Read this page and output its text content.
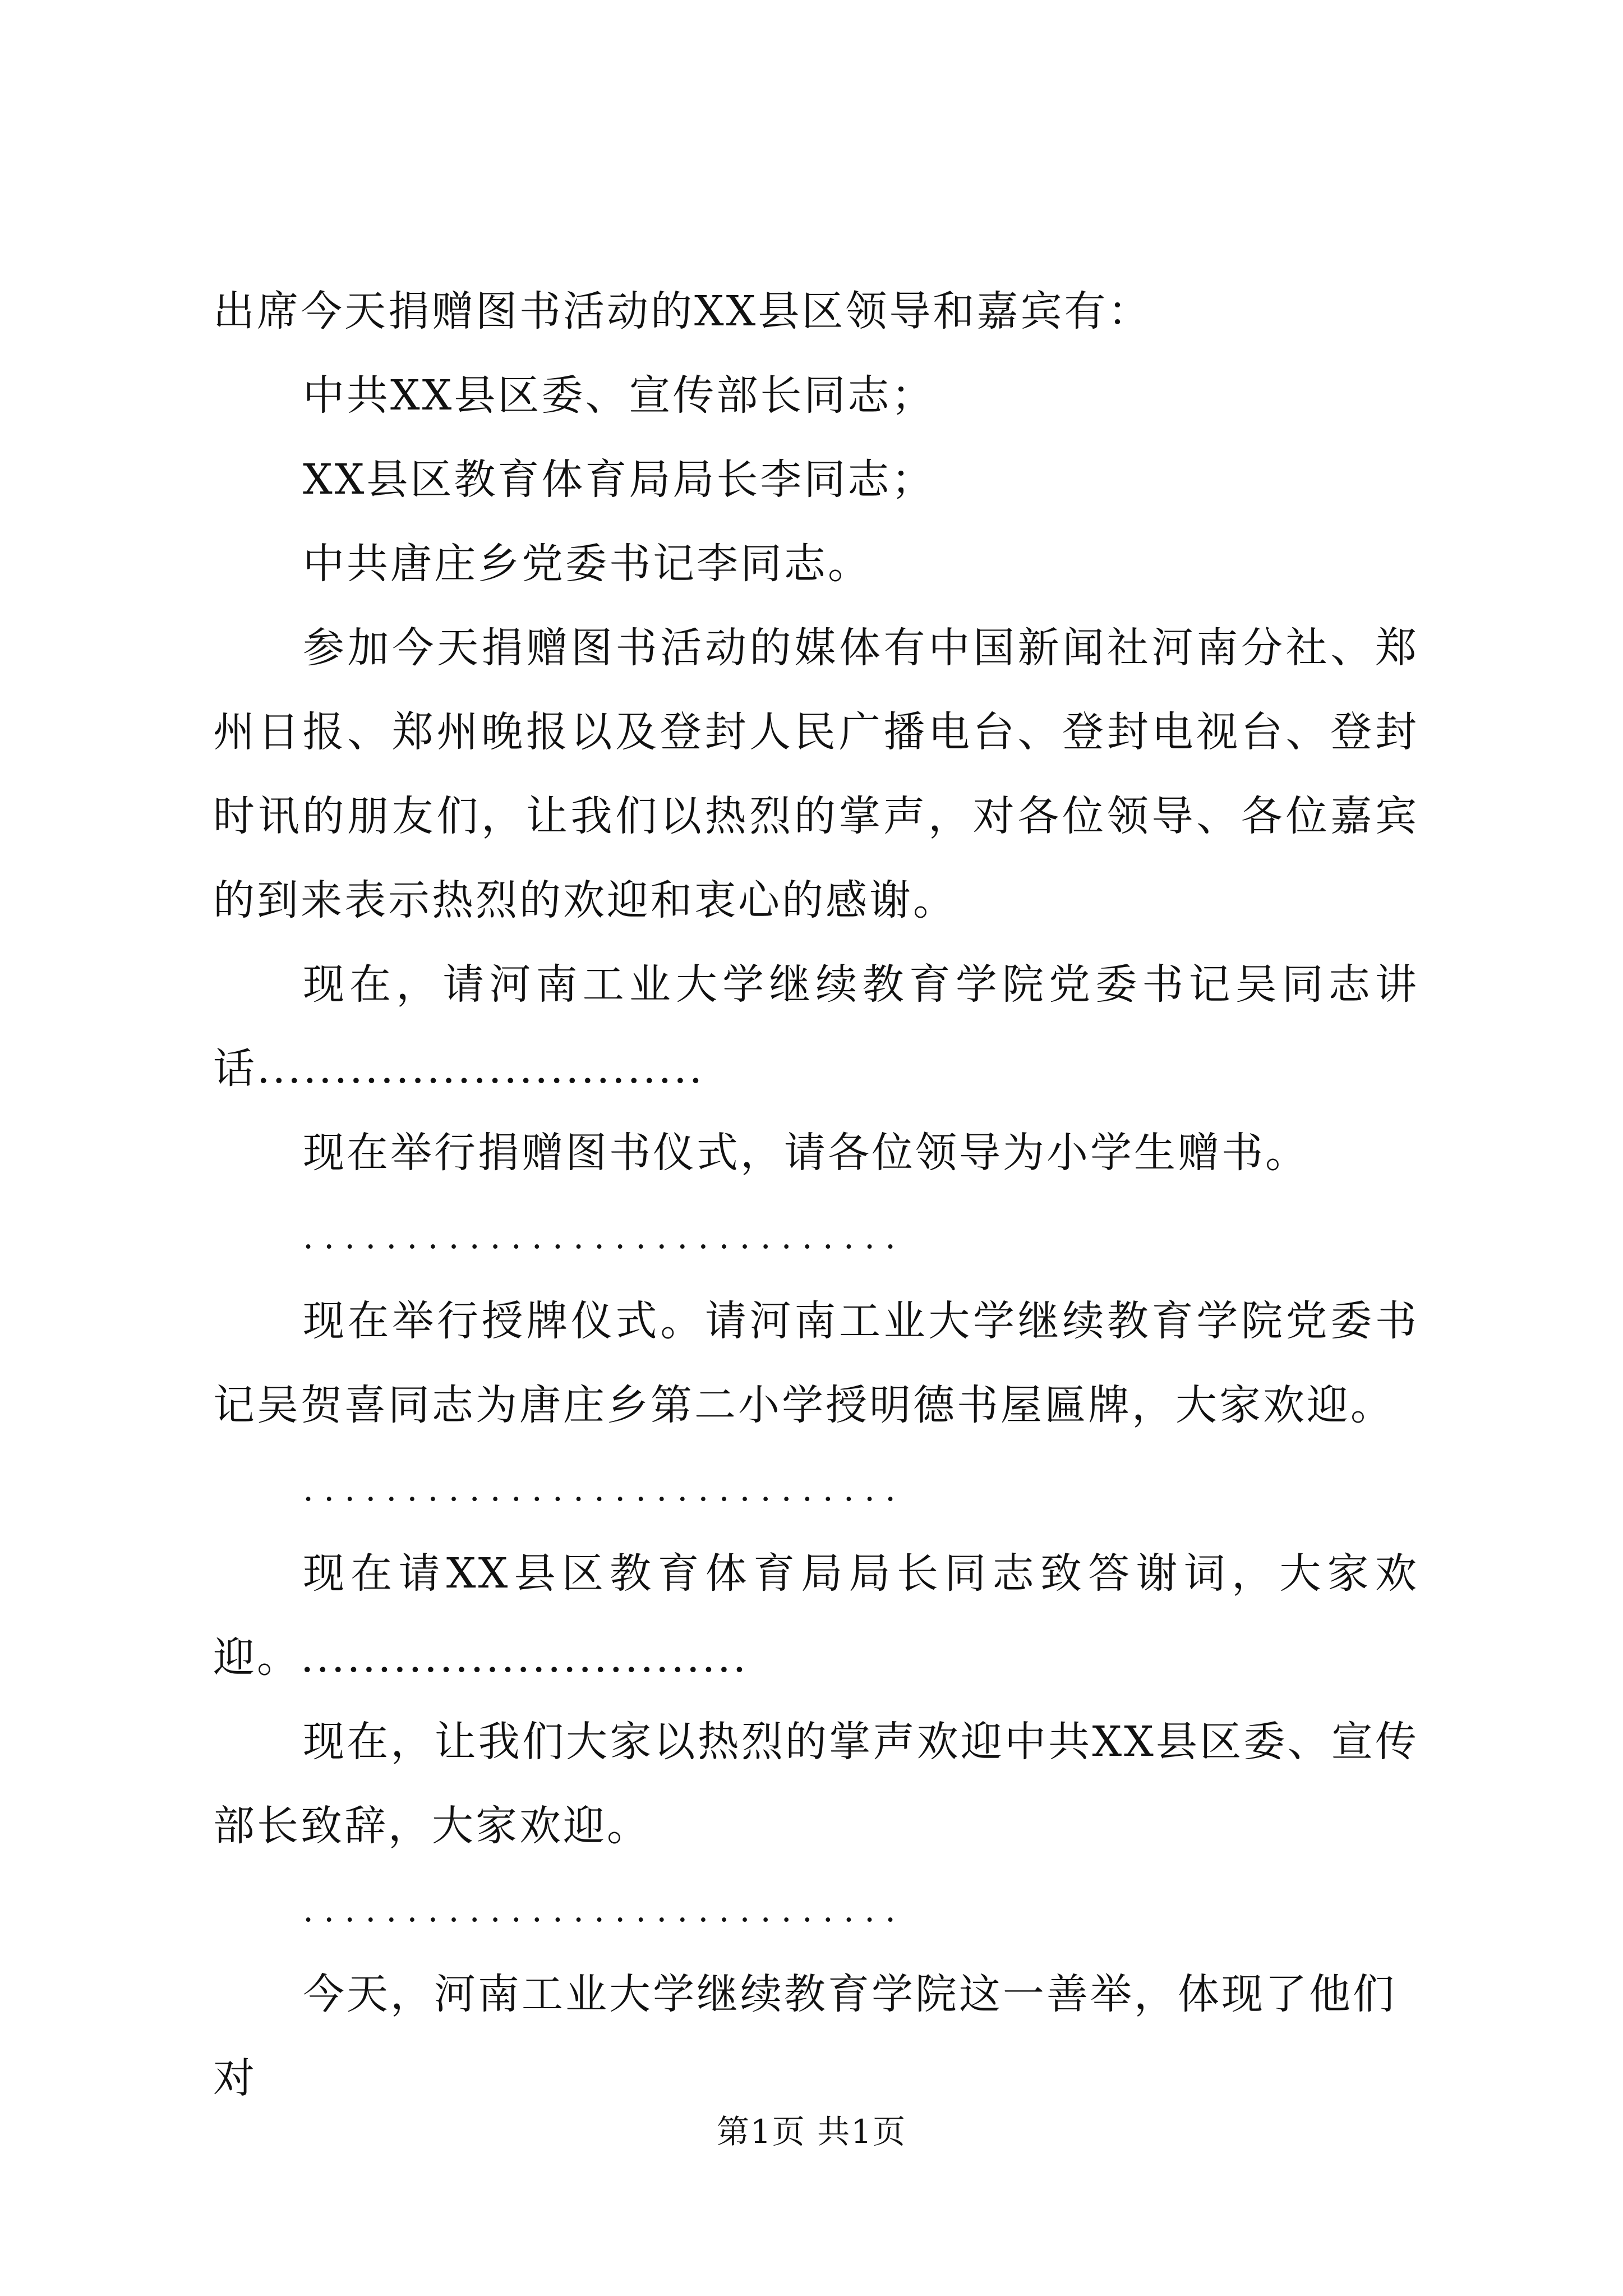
出席今天捐赠图书活动的XX县区领导和嘉宾有：

中共XX县区委、宣传部长同志；

XX县区教育体育局局长李同志；

中共唐庄乡党委书记李同志。

参加今天捐赠图书活动的媒体有中国新闻社河南分社、郑州日报、郑州晚报以及登封人民广播电台、登封电视台、登封时讯的朋友们，让我们以热烈的掌声，对各位领导、各位嘉宾的到来表示热烈的欢迎和衷心的感谢。

现在，请河南工业大学继续教育学院党委书记吴同志讲话.............................

现在举行捐赠图书仪式，请各位领导为小学生赠书。

.............................

现在举行授牌仪式。请河南工业大学继续教育学院党委书记吴贺喜同志为唐庄乡第二小学授明德书屋匾牌，大家欢迎。

.............................

现在请XX县区教育体育局局长同志致答谢词，大家欢迎。.............................

现在，让我们大家以热烈的掌声欢迎中共XX县区委、宣传部长致辞，大家欢迎。

.............................

今天，河南工业大学继续教育学院这一善举，体现了他们对

第1页 共1页
